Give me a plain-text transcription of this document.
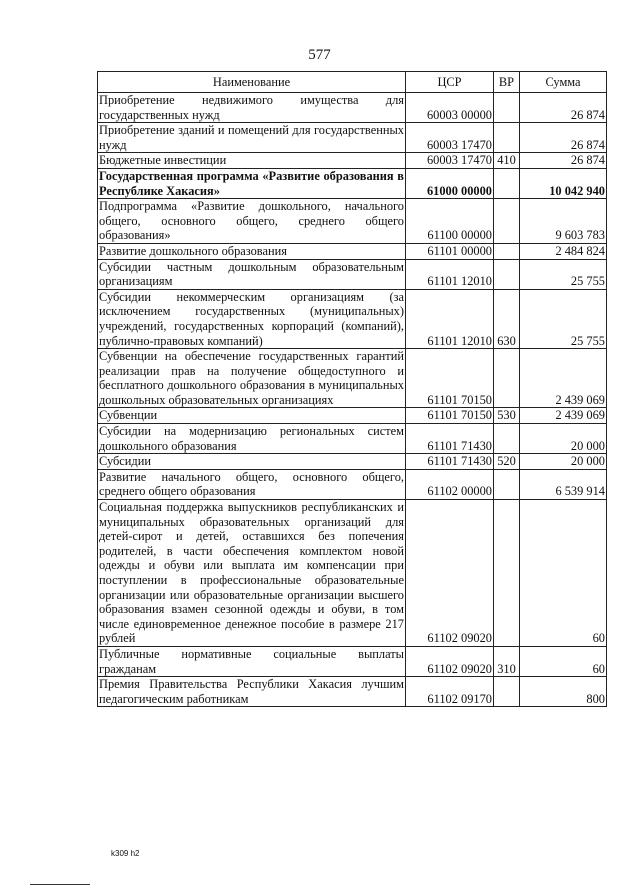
577
Наименование	ЦСР	ВР	Сумма
Приобретение недвижимого имущества для государственных нужд	60003 00000		26 874
Приобретение зданий и помещений для государственных нужд	60003 17470		26 874
Бюджетные инвестиции	60003 17470	410	26 874
Государственная программа «Развитие образования в Республике Хакасия»	61000 00000		10 042 940
Подпрограмма «Развитие дошкольного, начального общего, основного общего, среднего общего образования»	61100 00000		9 603 783
Развитие дошкольного образования	61101 00000		2 484 824
Субсидии частным дошкольным образовательным организациям	61101 12010		25 755
Субсидии некоммерческим организациям (за исключением государственных (муниципальных) учреждений, государственных корпораций (компаний), публично-правовых компаний)	61101 12010	630	25 755
Субвенции на обеспечение государственных гарантий реализации прав на получение общедоступного и бесплатного дошкольного образования в муниципальных дошкольных образовательных организациях	61101 70150		2 439 069
Субвенции	61101 70150	530	2 439 069
Субсидии на модернизацию региональных систем дошкольного образования	61101 71430		20 000
Субсидии	61101 71430	520	20 000
Развитие начального общего, основного общего, среднего общего образования	61102 00000		6 539 914
Социальная поддержка выпускников республиканских и муниципальных образовательных организаций для детей-сирот и детей, оставшихся без попечения родителей, в части обеспечения комплектом новой одежды и обуви или выплата им компенсации при поступлении в профессиональные образовательные организации или образовательные организации высшего образования взамен сезонной одежды и обуви, в том числе единовременное денежное пособие в размере 217 рублей	61102 09020		60
Публичные нормативные социальные выплаты гражданам	61102 09020	310	60
Премия Правительства Республики Хакасия лучшим педагогическим работникам	61102 09170		800
k309 h2
